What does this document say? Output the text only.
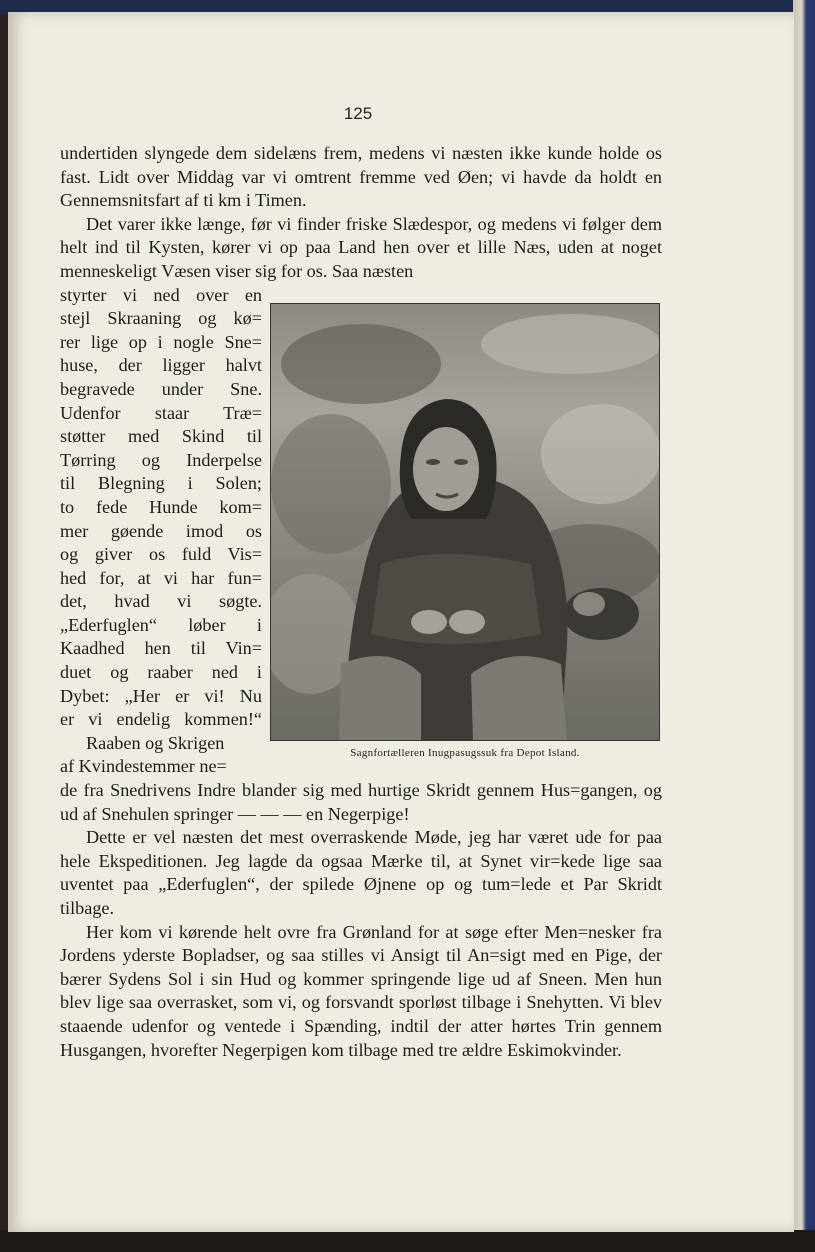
125

undertiden slyngede dem sidelæns frem, medens vi næsten ikke kunde holde os fast. Lidt over Middag var vi omtrent fremme ved Øen; vi havde da holdt en Gennemsnitsfart af ti km i Timen.

Det varer ikke længe, før vi finder friske Slædespor, og medens vi følger dem helt ind til Kysten, kører vi op paa Land hen over et lille Næs, uden at noget menneskeligt Væsen viser sig for os. Saa næsten

styrter vi ned over en
stejl Skraaning og kø=
rer lige op i nogle Sne=
huse, der ligger halvt
begravede under Sne.
Udenfor staar Træ=
støtter med Skind til
Tørring og Inderpelse
til Blegning i Solen;
to fede Hunde kom=
mer gøende imod os
og giver os fuld Vis=
hed for, at vi har fun=
det, hvad vi søgte.
„Ederfuglen“ løber i
Kaadhed hen til Vin=
duet og raaber ned i
Dybet: „Her er vi! Nu
er vi endelig kommen!“
Raaben og Skrigen
af Kvindestemmer ne=

de fra Snedrivens Indre blander sig med hurtige Skridt gennem Hus=gangen, og ud af Snehulen springer — — — en Negerpige!

Dette er vel næsten det mest overraskende Møde, jeg har været ude for paa hele Ekspeditionen. Jeg lagde da ogsaa Mærke til, at Synet vir=kede lige saa uventet paa „Ederfuglen“, der spilede Øjnene op og tum=lede et Par Skridt tilbage.

Her kom vi kørende helt ovre fra Grønland for at søge efter Men=nesker fra Jordens yderste Bopladser, og saa stilles vi Ansigt til An=sigt med en Pige, der bærer Sydens Sol i sin Hud og kommer springende lige ud af Sneen. Men hun blev lige saa overrasket, som vi, og forsvandt sporløst tilbage i Snehytten. Vi blev staaende udenfor og ventede i Spænding, indtil der atter hørtes Trin gennem Husgangen, hvorefter Negerpigen kom tilbage med tre ældre Eskimokvinder.

Sagnfortælleren Inugpasugssuk fra Depot Island.
